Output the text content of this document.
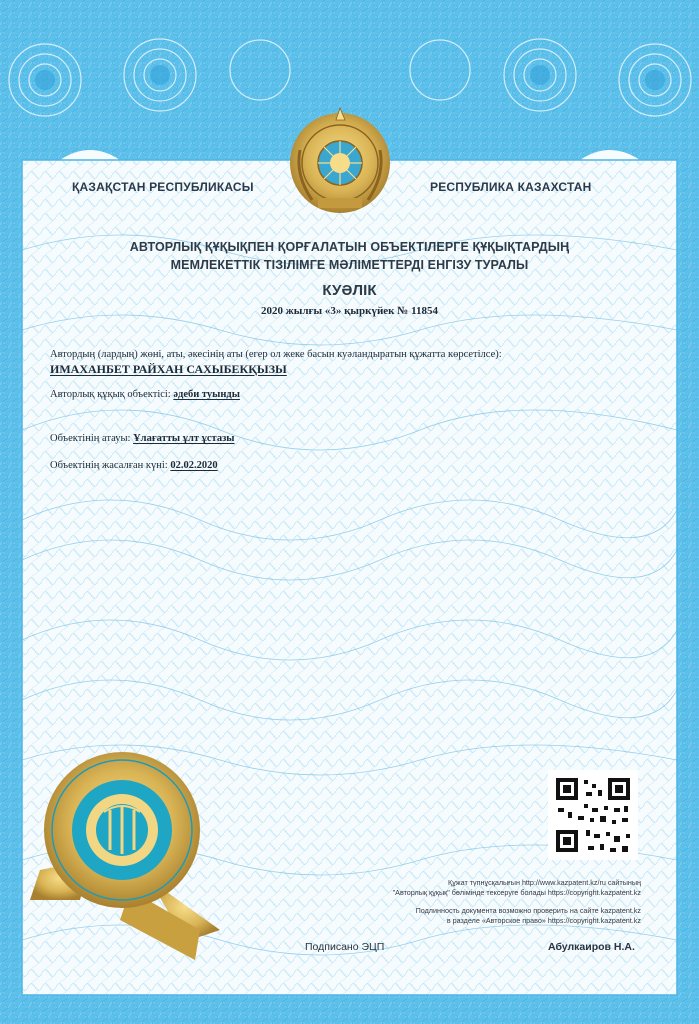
ҚАЗАҚСТАН РЕСПУБЛИКАСЫ	РЕСПУБЛИКА КАЗАХСТАН
АВТОРЛЫҚ ҚҰҚЫҚПЕН ҚОРҒАЛАТЫН ОБЪЕКТІЛЕРГЕ ҚҰҚЫҚТАРДЫҢ
МЕМЛЕКЕТТІК ТІЗІЛІМГЕ МӘЛІМЕТТЕРДІ ЕНГІЗУ ТУРАЛЫ
КУӘЛІК
2020 жылғы «3» қыркүйек № 11854
Автордың (лардың) жөні, аты, әкесінің аты (егер ол жеке басын куәландыратын құжатта көрсетілсе):
ИМАХАНБЕТ РАЙХАН САХЫБЕКҚЫЗЫ
Авторлық құқық объектісі: әдеби туынды
Объектінің атауы: Ұлағатты ұлт ұстазы
Объектінің жасалған күні: 02.02.2020
Құжат түпнұсқалығын http://www.kazpatent.kz/ru сайтының
"Авторлық құқық" бөлімінде тексеруге болады https://copyright.kazpatent.kz
Подлинность документа возможно проверить на сайте kazpatent.kz
в разделе «Авторское право» https://copyright.kazpatent.kz
Подписано ЭЦП	Абулкаиров Н.А.
